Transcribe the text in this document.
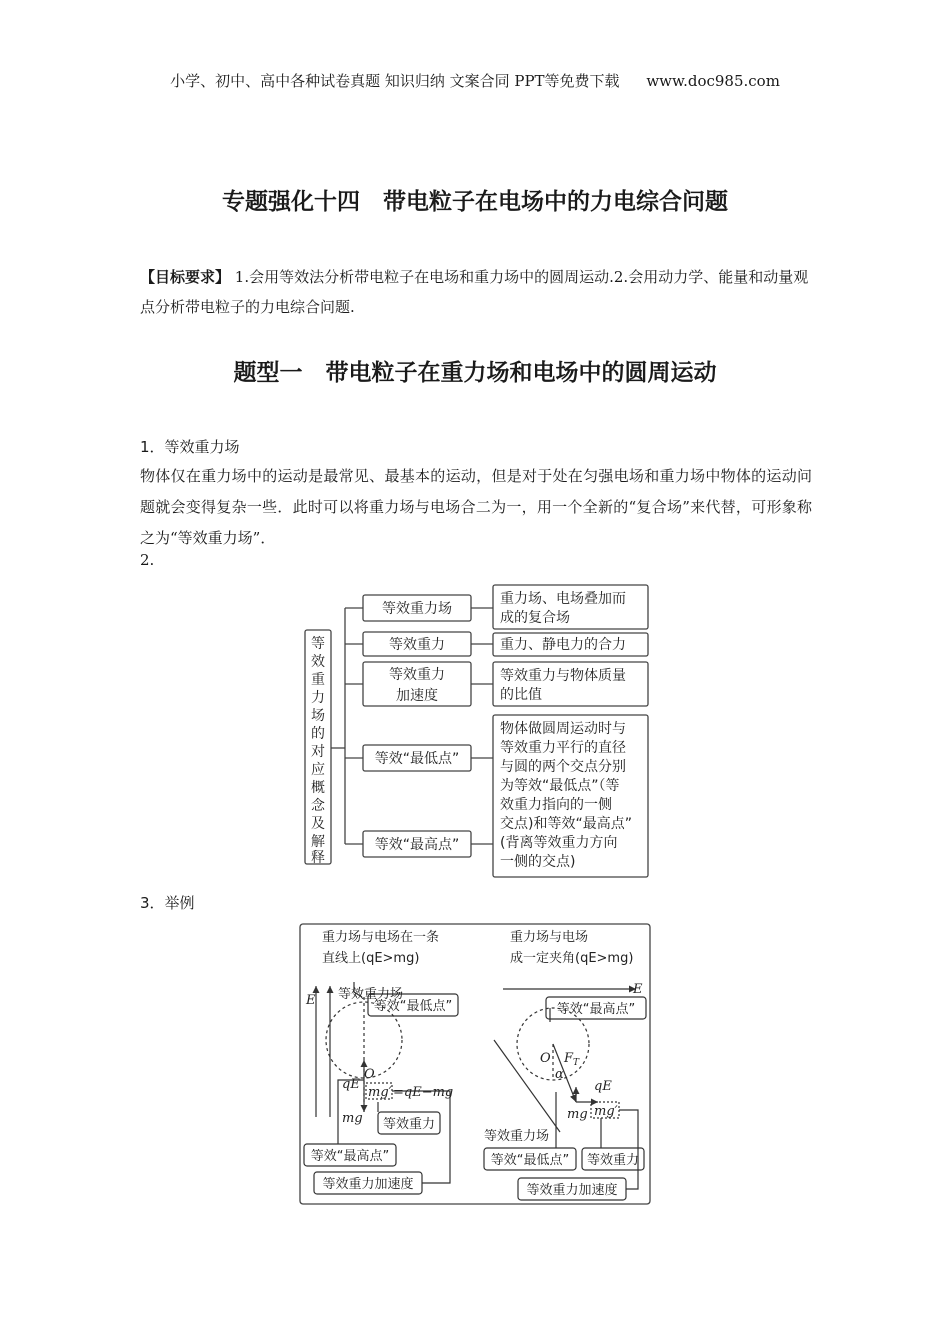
小学、初中、高中各种试卷真题 知识归纳 文案合同 PPT等免费下载 www.doc985.com
专题强化十四　带电粒子在电场中的力电综合问题
【目标要求】 1.会用等效法分析带电粒子在电场和重力场中的圆周运动.2.会用动力学、能量和动量观点分析带电粒子的力电综合问题.
题型一　带电粒子在重力场和电场中的圆周运动
1．等效重力场
物体仅在重力场中的运动是最常见、最基本的运动，但是对于处在匀强电场和重力场中物体的运动问题就会变得复杂一些．此时可以将重力场与电场合二为一，用一个全新的“复合场”来代替，可形象称之为“等效重力场”．
2.
等
效
重
力
场
的
对
应
概
念
及
解
释
等效重力场
等效重力
等效重力
加速度
等效“最低点”
等效“最高点”
重力场、电场叠加而
成的复合场
重力、静电力的合力
等效重力与物体质量
的比值
物体做圆周运动时与
等效重力平行的直径
与圆的两个交点分别
为等效“最低点”（等
效重力指向的一侧
交点)和等效“最高点”
(背离等效重力方向
一侧的交点)
3．举例
重力场与电场在一条
直线上(qE>mg)
重力场与电场
成一定夹角(qE>mg)
E 等效重力场
等效“最低点”
等效重力
等效“最高点”
等效重力加速度
O
qE
mg′ =qE−mg
mg
等效“最高点”
等效“最低点” 等效重力
等效重力加速度
等效重力场
E
O $F_T$
α
qE
mg mg′
